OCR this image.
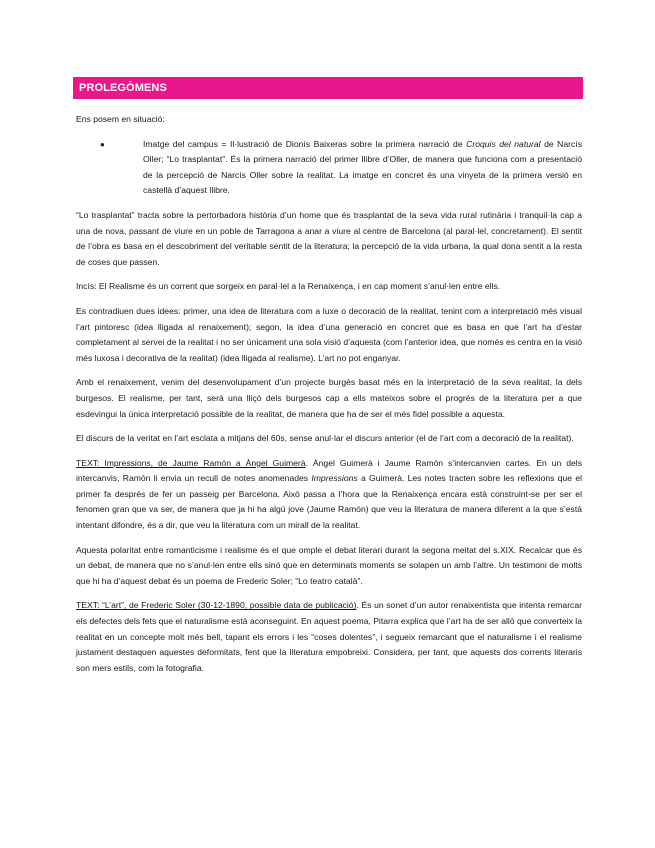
PROLEGÒMENS

Ens posem en situació:

●	Imatge del campus = Il·lustració de Dionís Baixeras sobre la primera narració de Croquis del natural de Narcís Oller; “Lo trasplantat”. És la primera narració del primer llibre d’Oller, de manera que funciona com a presentació de la percepció de Narcís Oller sobre la realitat. La imatge en concret és una vinyeta de la primera versió en castellà d’aquest llibre.

“Lo trasplantat” tracta sobre la pertorbadora història d’un home que és trasplantat de la seva vida rural rutinària i tranquil·la cap a una de nova, passant de viure en un poble de Tarragona a anar a viure al centre de Barcelona (al paral·lel, concretament). El sentit de l’obra es basa en el descobriment del veritable sentit de la literatura; la percepció de la vida urbana, la qual dona sentit a la resta de coses que passen.

Incís: El Realisme és un corrent que sorgeix en paral·lel a la Renaixença, i en cap moment s’anul·len entre ells.

Es contradiuen dues idees: primer, una idea de literatura com a luxe o decoració de la realitat, tenint com a interpretació més visual l’art pintoresc (idea lligada al renaixement); segon, la idea d’una generació en concret que es basa en que l’art ha d’estar completament al servei de la realitat i no ser únicament una sola visió d’aquesta (com l’anterior idea, que només es centra en la visió més luxosa i decorativa de la realitat) (idea lligada al realisme). L’art no pot enganyar.

Amb el renaixement, venim del desenvolupament d’un projecte burgès basat més en la interpretació de la seva realitat, la dels burgesos. El realisme, per tant, serà una lliçó dels burgesos cap a ells mateixos sobre el progrés de la literatura per a que esdevingui la única interpretació possible de la realitat, de manera que ha de ser el més fidel possible a aquesta.

El discurs de la veritat en l’art esclata a mitjans del 60s, sense anul·lar el discurs anterior (el de l’art com a decoració de la realitat).

TEXT: Impressions, de Jaume Ramón a Àngel Guimerà. Àngel Guimerà i Jaume Ramón s’intercanvien cartes. En un dels intercanvis, Ramón li envia un recull de notes anomenades Impressions a Guimerà. Les notes tracten sobre les reflexions que el primer fa després de fer un passeig per Barcelona. Això passa a l’hora que la Renaixença encara està construint-se per ser el fenomen gran que va ser, de manera que ja hi ha algú jove (Jaume Ramón) que veu la literatura de manera diferent a la que s’està intentant difondre, és a dir, que veu la literatura com un mirall de la realitat.

Aquesta polaritat entre romanticisme i realisme és el que omple el debat literari durant la segona meitat del s.XIX. Recalcar que és un debat, de manera que no s’anul·len entre ells sinó que en determinats moments se solapen un amb l’altre. Un testimoni de molts que hi ha d’aquest debat és un poema de Frederic Soler; “Lo teatro català”.

TEXT: “L’art”, de Frederic Soler (30-12-1890, possible data de publicació). És un sonet d’un autor renaixentista que intenta remarcar els defectes dels fets que el naturalisme està aconseguint. En aquest poema, Pitarra explica que l’art ha de ser allò que converteix la realitat en un concepte molt més bell, tapant els errors i les “coses dolentes”, i segueix remarcant que el naturalisme i el realisme justament destaquen aquestes deformitats, fent que la literatura empobreixi. Considera, per tant, que aquests dos corrents literaris son mers estils, com la fotografia.
